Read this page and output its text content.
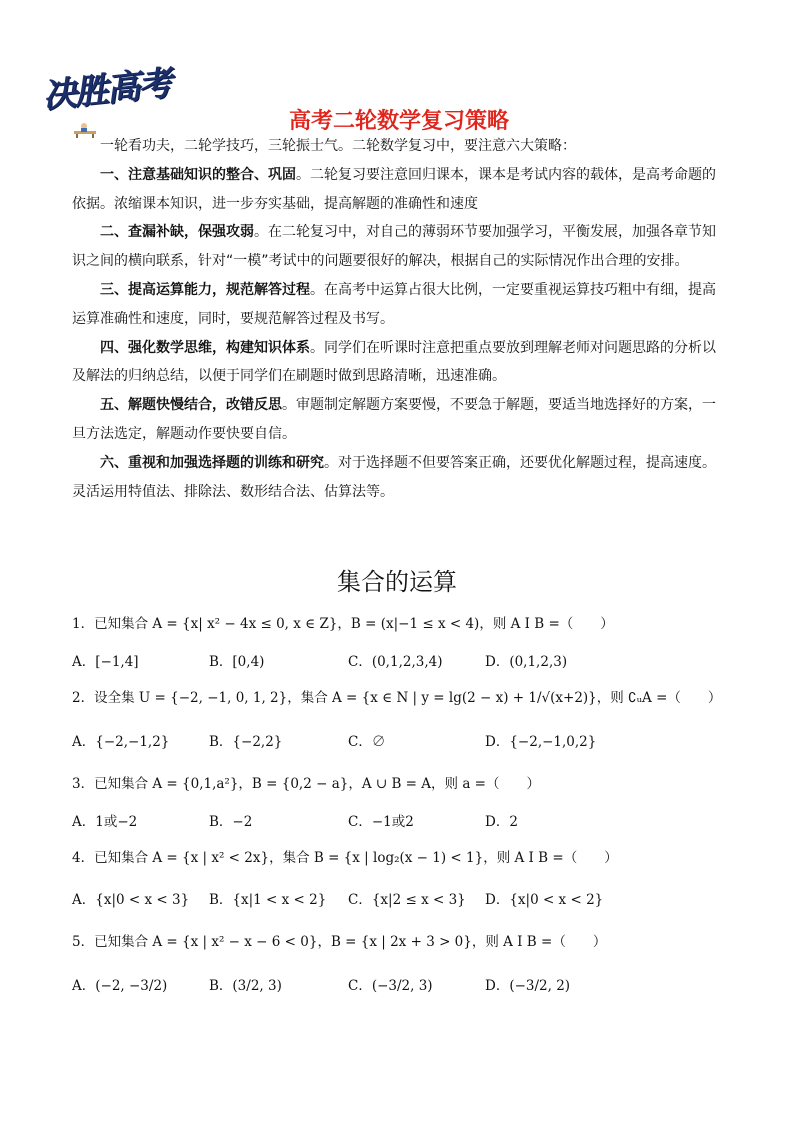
决胜高考
高考二轮数学复习策略

一轮看功夫，二轮学技巧，三轮振士气。二轮数学复习中，要注意六大策略：

一、注意基础知识的整合、巩固。二轮复习要注意回归课本，课本是考试内容的载体，是高考命题的依据。浓缩课本知识，进一步夯实基础，提高解题的准确性和速度

二、查漏补缺，保强攻弱。在二轮复习中，对自己的薄弱环节要加强学习，平衡发展，加强各章节知识之间的横向联系，针对“一模”考试中的问题要很好的解决，根据自己的实际情况作出合理的安排。

三、提高运算能力，规范解答过程。在高考中运算占很大比例，一定要重视运算技巧粗中有细，提高运算准确性和速度，同时，要规范解答过程及书写。

四、强化数学思维，构建知识体系。同学们在听课时注意把重点要放到理解老师对问题思路的分析以及解法的归纳总结，以便于同学们在刷题时做到思路清晰，迅速准确。

五、解题快慢结合，改错反思。审题制定解题方案要慢，不要急于解题，要适当地选择好的方案，一旦方法选定，解题动作要快要自信。

六、重视和加强选择题的训练和研究。对于选择题不但要答案正确，还要优化解题过程，提高速度。灵活运用特值法、排除法、数形结合法、估算法等。

集合的运算
1．已知集合 A = {x| x² − 4x ≤ 0, x ∈ Z}，B = (x|−1 ≤ x < 4)，则 A I B =（　　）
A．[−1,4]	B．[0,4)	C．(0,1,2,3,4)	D．(0,1,2,3)
2．设全集 U = {−2, −1, 0, 1, 2}，集合 A = {x ∈ N | y = lg(2 − x) + 1/√(x+2)}，则 ∁ᵤA =（　　）
A．{−2,−1,2}	B．{−2,2}	C．∅	D．{−2,−1,0,2}
3．已知集合 A = {0,1,a²}，B = {0,2 − a}，A ∪ B = A，则 a =（　　）
A．1或−2	B．−2	C．−1或2	D．2
4．已知集合 A = {x | x² < 2x}，集合 B = {x | log₂(x − 1) < 1}，则 A I B =（　　）
A．{x|0 < x < 3} B．{x|1 < x < 2} C．{x|2 ≤ x < 3} D．{x|0 < x < 2}
5．已知集合 A = {x | x² − x − 6 < 0}，B = {x | 2x + 3 > 0}，则 A I B =（　　）
A．(−2, −3/2)	B．(3/2, 3)	C．(−3/2, 3)	D．(−3/2, 2)
